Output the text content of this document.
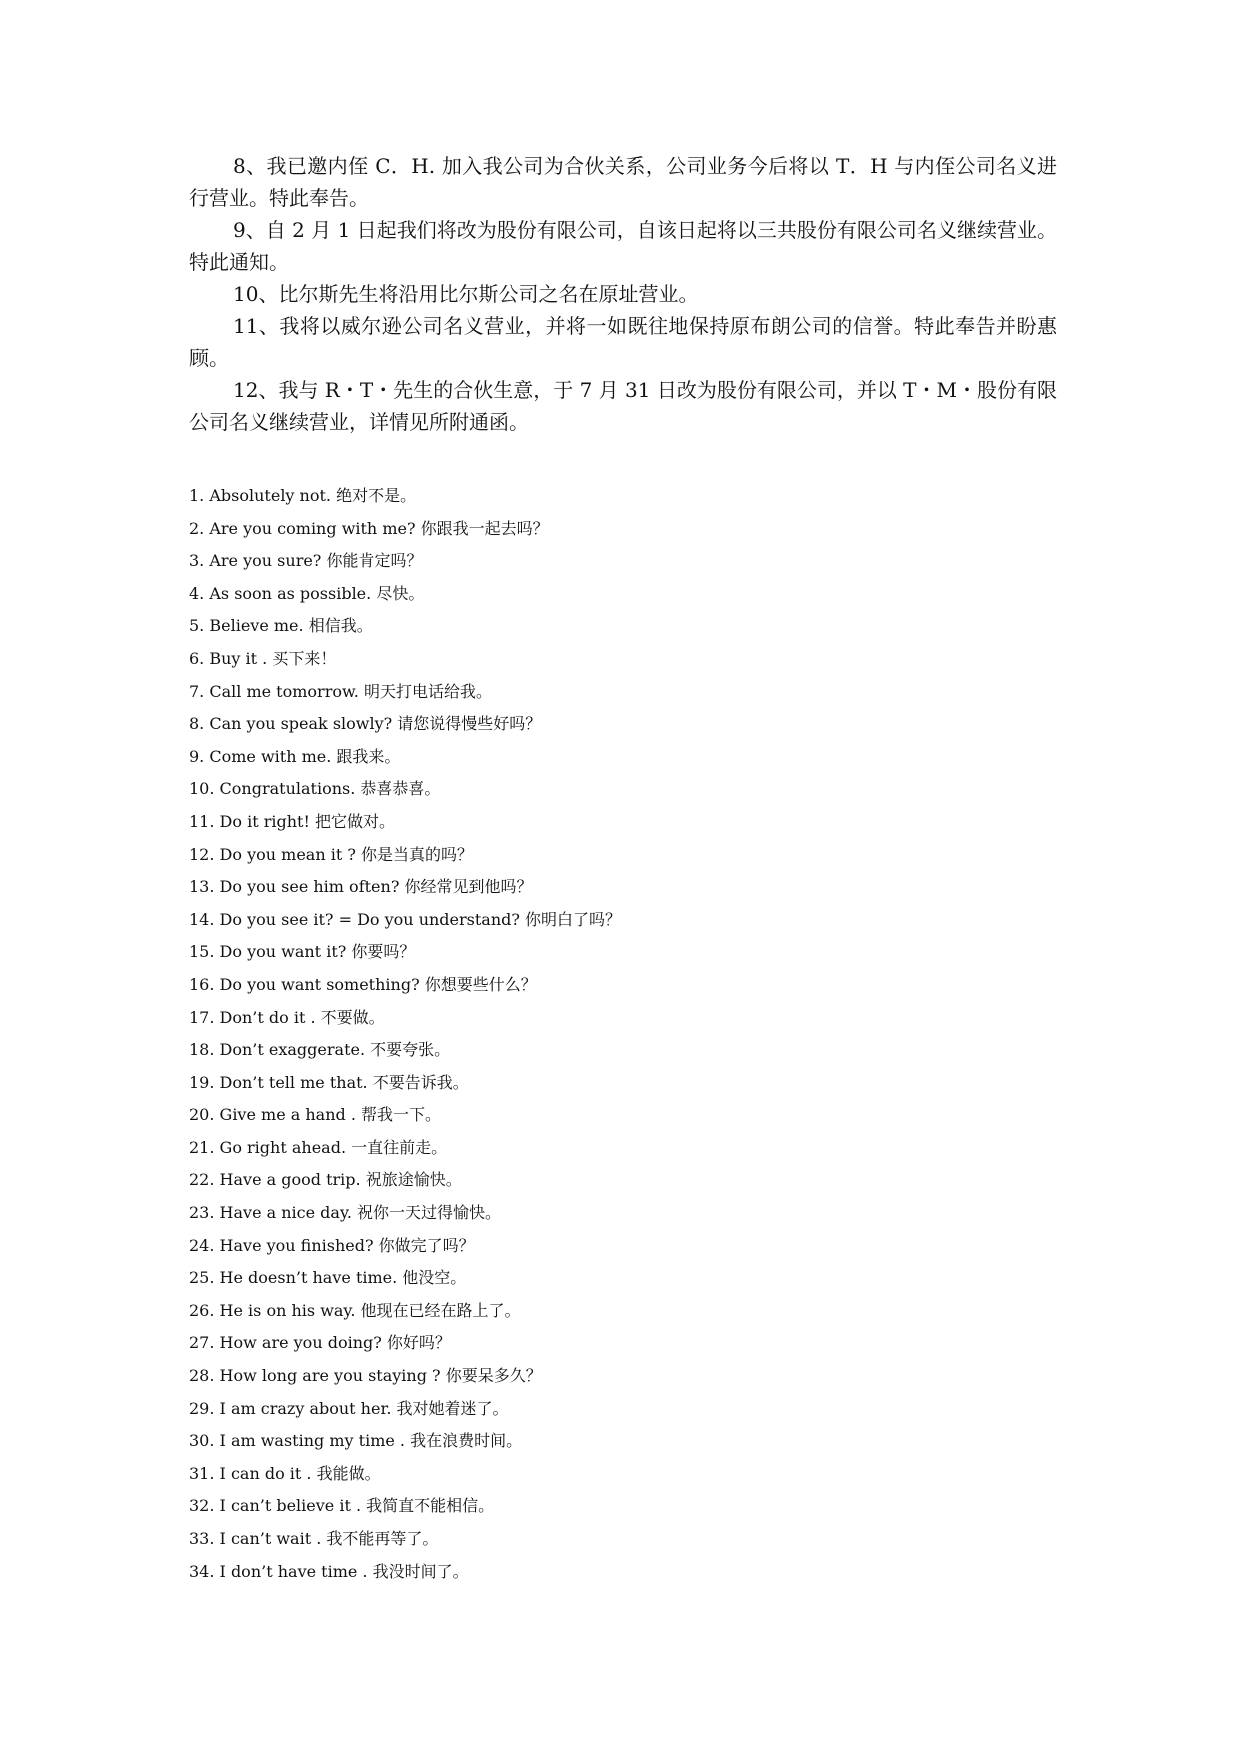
8、我已邀内侄 C．H. 加入我公司为合伙关系，公司业务今后将以 T．H 与内侄公司名义进行营业。特此奉告。

9、自 2 月 1 日起我们将改为股份有限公司，自该日起将以三共股份有限公司名义继续营业。特此通知。

10、比尔斯先生将沿用比尔斯公司之名在原址营业。

11、我将以威尔逊公司名义营业，并将一如既往地保持原布朗公司的信誉。特此奉告并盼惠顾。

12、我与 R・T・先生的合伙生意，于 7 月 31 日改为股份有限公司，并以 T・M・股份有限公司名义继续营业，详情见所附通函。

1. Absolutely not. 绝对不是。
2. Are you coming with me? 你跟我一起去吗？
3. Are you sure? 你能肯定吗？
4. As soon as possible. 尽快。
5. Believe me. 相信我。
6. Buy it . 买下来！
7. Call me tomorrow. 明天打电话给我。
8. Can you speak slowly? 请您说得慢些好吗？
9. Come with me. 跟我来。
10. Congratulations. 恭喜恭喜。
11. Do it right! 把它做对。
12. Do you mean it ? 你是当真的吗？
13. Do you see him often? 你经常见到他吗？
14. Do you see it? = Do you understand? 你明白了吗？
15. Do you want it? 你要吗？
16. Do you want something? 你想要些什么？
17. Don’t do it . 不要做。
18. Don’t exaggerate. 不要夸张。
19. Don’t tell me that. 不要告诉我。
20. Give me a hand . 帮我一下。
21. Go right ahead. 一直往前走。
22. Have a good trip. 祝旅途愉快。
23. Have a nice day. 祝你一天过得愉快。
24. Have you finished? 你做完了吗？
25. He doesn’t have time. 他没空。
26. He is on his way. 他现在已经在路上了。
27. How are you doing? 你好吗？
28. How long are you staying ? 你要呆多久？
29. I am crazy about her. 我对她着迷了。
30. I am wasting my time . 我在浪费时间。
31. I can do it . 我能做。
32. I can’t believe it . 我简直不能相信。
33. I can’t wait . 我不能再等了。
34. I don’t have time . 我没时间了。
